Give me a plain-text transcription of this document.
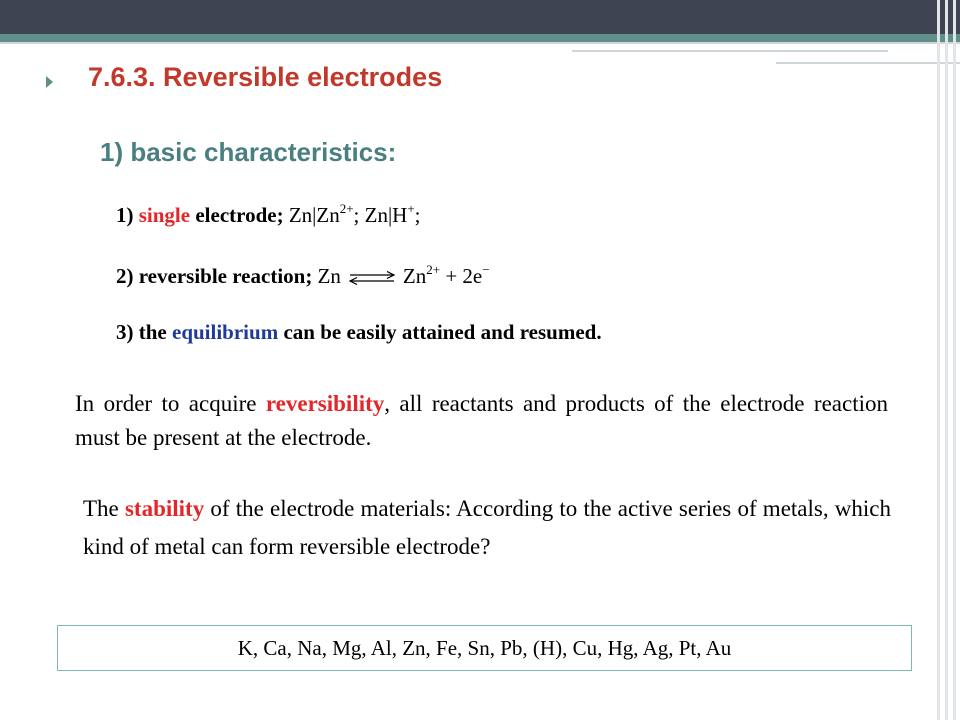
7.6.3. Reversible electrodes
1) basic characteristics:

1) single electrode; $Zn|Zn^{2+}$; Zn|H+;

2) reversible reaction; Zn ⇌ $Zn^{2+} + 2e^-$

3) the equilibrium can be easily attained and resumed.

In order to acquire reversibility, all reactants and products of the electrode reaction must be present at the electrode.

The stability of the electrode materials: According to the active series of metals, which kind of metal can form reversible electrode?

K, Ca, Na, Mg, Al, Zn, Fe, Sn, Pb, (H), Cu, Hg, Ag, Pt, Au
